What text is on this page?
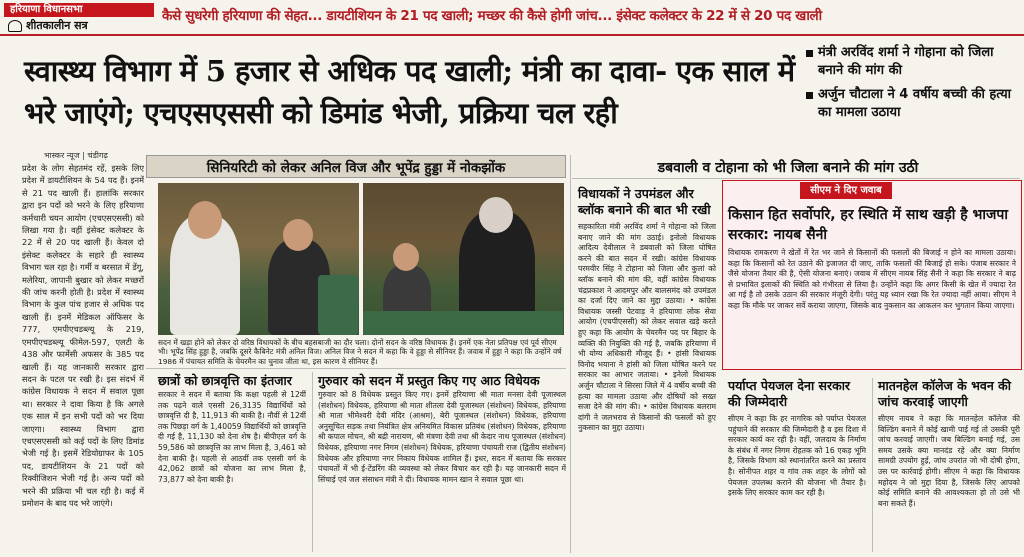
हरियाणा विधानसभा
शीतकालीन सत्र
कैसे सुधरेगी हरियाणा की सेहत... डायटीशियन के 21 पद खाली; मच्छर की कैसे होगी जांच... इंसेक्ट कलेक्टर के 22 में से 20 पद खाली
स्वास्थ्य विभाग में 5 हजार से अधिक पद खाली; मंत्री का दावा- एक साल में भरे जाएंगे; एचएसएससी को डिमांड भेजी, प्रक्रिया चल रही
मंत्री अरविंद शर्मा ने गोहाना को जिला बनाने की मांग की
अर्जुन चौटाला ने 4 वर्षीय बच्ची की हत्या का मामला उठाया
भास्कर न्यूज | चंडीगढ़
प्रदेश के लोग सेहतमंद रहें, इसके लिए प्रदेश में डायटीशियन के 54 पद हैं। इनमें से 21 पद खाली हैं। हालांकि सरकार द्वारा इन पदों को भरने के लिए हरियाणा कर्मचारी चयन आयोग (एचएसएससी) को लिखा गया है। वहीं इंसेक्ट कलेक्टर के 22 में से 20 पद खाली हैं। केवल दो इंसेक्ट कलेक्टर के सहारे ही स्वास्थ्य विभाग चल रहा है। गर्मी व बरसात में डेंगू, मलेरिया, जापानी बुखार को लेकर मच्छरों की जांच करनी होती है। प्रदेश में स्वास्थ्य विभाग के कुल पांच हजार से अधिक पद खाली हैं। इनमें मेडिकल ऑफिसर के 777, एमपीएचडब्ल्यू के 219, एमपीएचडब्ल्यू फीमेल-597, एलटी के 438 और फार्मेसी अफसर के 385 पद खाली हैं। यह जानकारी सरकार द्वारा सदन के पटल पर रखी है। इस संदर्भ में कांग्रेस विधायक ने सदन में सवाल पूछा था। सरकार ने दावा किया है कि अगले एक साल में इन सभी पदों को भर दिया जाएगा। स्वास्थ्य विभाग द्वारा एचएसएससी को कई पदों के लिए डिमांड भेजी गई है। इसमें रेडियोग्राफर के 105 पद, डायटीशियन के 21 पदों को रिक्वीजिशन भेजी गई है। अन्य पदों को भरने की प्रक्रिया भी चल रही है। कई में प्रमोशन के बाद पद भरे जाएंगे।
सिनियरिटी को लेकर अनिल विज और भूपेंद्र हुड्डा में नोकझोंक
सदन में खड़ा होने को लेकर दो वरिष्ठ विधायकों के बीच बहसबाजी का दौर चला। दोनों सदन के वरिष्ठ विधायक हैं। इनमें एक नेता प्रतिपक्ष एवं पूर्व सीएम भी। भूपेंद्र सिंह हुड्डा है, जबकि दूसरे कैबिनेट मंत्री अनिल विज। अनिल विज ने सदन में कहा कि वे हुड्डा से सीनियर हैं। जवाब में हुड्डा ने कहा कि उन्होंने वर्ष 1986 में पंचायत समिति के चेयरमैन का चुनाव जीता था, इस कारण वे सीनियर हैं।
छात्रों को छात्रवृत्ति का इंतजार
सरकार ने सदन में बताया कि कक्षा पहली से 12वीं तक पढ़ने वाले एससी 26,3135 विद्यार्थियों को छात्रवृत्ति दी है, 11,913 की बाकी है। नौवीं से 12वीं तक पिछड़ा वर्ग के 1,40059 विद्यार्थियों को छात्रवृत्ति दी गई है, 11,130 को देना शेष है। बीपीएल वर्ग के 59,586 को छात्रवृत्ति का लाभ मिला है, 3,461 को देना बाकी है। पहली से आठवीं तक एससी वर्ग के 42,062 छात्रों को योजना का लाभ मिला है, 73,877 को देना बाकी है।
गुरुवार को सदन में प्रस्तुत किए गए आठ विधेयक
गुरुवार को 8 विधेयक प्रस्तुत किए गए। इनमें हरियाणा श्री माता मनसा देवी पूजास्थल (संशोधन) विधेयक, हरियाणा श्री माता शीतला देवी पूजास्थल (संशोधन) विधेयक, हरियाणा श्री माता भीमेश्वरी देवी मंदिर (आश्रम), बेरी पूजास्थल (संशोधन) विधेयक, हरियाणा अनुसूचित सड़क तथा नियंत्रित क्षेत्र अनियमित विकास प्रतिबंध (संशोधन) विधेयक, हरियाणा श्री कपाल मोचन, श्री बद्री नारायण, श्री मंत्रणा देवी तथा श्री केदार नाथ पूजास्थल (संशोधन) विधेयक, हरियाणा नगर निगम (संशोधन) विधेयक, हरियाणा पंचायती राज (द्वितीय संशोधन) विधेयक और हरियाणा नगर निकाय विधेयक शामिल हैं। इधर, सदन में बताया कि सरकार पंचायतों में भी ई-टेंडरिंग की व्यवस्था को लेकर विचार कर रही है। यह जानकारी सदन में सिंचाई एवं जल संसाधन मंत्री ने दी। विधायक मामन खान ने सवाल पूछा था।
डबवाली व टोहाना को भी जिला बनाने की मांग उठी
विधायकों ने उपमंडल और ब्लॉक बनाने की बात भी रखी
सहकारिता मंत्री अरविंद शर्मा ने गोहाना को जिला बनाए जाने की मांग उठाई। इनोलो विधायक आदित्य देवीलाल ने डबवाली को जिला घोषित करने की बात सदन में रखी। कांग्रेस विधायक परमवीर सिंह ने टोहाना को जिला और कुलां को ब्लॉक बनाने की मांग की, वहीं कांग्रेस विधायक चंद्रप्रकाश ने आदमपुर और बालसमंद को उपमंडल का दर्जा दिए जाने का मुद्दा उठाया। • कांग्रेस विधायक जस्सी पेटवाड़ ने हरियाणा लोक सेवा आयोग (एचपीएससी) को लेकर सवाल खड़े करते हुए कहा कि आयोग के चेयरमैन पद पर बिहार के व्यक्ति की नियुक्ति की गई है, जबकि हरियाणा में भी योग्य अधिकारी मौजूद हैं। • हांसी विधायक विनोद भयाना ने हांसी को जिला घोषित करने पर सरकार का आभार जताया। • इनेलो विधायक अर्जुन चौटाला ने सिरसा जिले में 4 वर्षीय बच्ची की हत्या का मामला उठाया और दोषियों को सख्त सजा देने की मांग की। • कांग्रेस विधायक बलराम दांगी ने जलभराव से किसानों की फसलों को हुए नुकसान का मुद्दा उठाया।
सीएम ने दिए जवाब
किसान हित सर्वोपरि, हर स्थिति में साथ खड़ी है भाजपा सरकार: नायब सैनी
विधायक रामकरण ने खेतों में रेत भर जाने से किसानों की फसलों की बिजाई न होने का मामला उठाया। कहा कि किसानों को रेत उठाने की इजाजत दी जाए, ताकि फसलों की बिजाई हो सके। पंजाब सरकार ने जैसे योजना तैयार की है, ऐसी योजना बनाएं। जवाब में सीएम नायब सिंह सैनी ने कहा कि सरकार ने बाढ़ से प्रभावित इलाकों की स्थिति को गंभीरता से लिया है। उन्होंने कहा कि अगर किसी के खेत में ज्यादा रेत आ गई है तो उसके उठान की सरकार मंजूरी देगी। परंतु यह ध्यान रखा कि रेत ज्यादा नहीं आया। सीएम ने कहा कि मौके पर जाकर सर्वे कराया जाएगा, जिसके बाद नुकसान का आकलन कर भुगतान किया जाएगा।
पर्याप्त पेयजल देना सरकार की जिम्मेदारी
सीएम ने कहा कि हर नागरिक को पर्याप्त पेयजल पहुंचाने की सरकार की जिम्मेदारी है व इस दिशा में सरकार कार्य कर रही है। वहीं, जलदाय के निर्माण के संबंध में नगर निगम रोहतक को 16 एकड़ भूमि है, जिसके विभाग को स्थानांतरित करने का प्रस्ताव है। सोनीपत शहर व गांव तक शहर के लोगों को पेयजल उपलब्ध कराने की योजना भी तैयार है। इसके लिए सरकार काम कर रही है।
मातनहेल कॉलेज के भवन की जांच करवाई जाएगी
सीएम नायब ने कहा कि मातनहेल कॉलेज की बिल्डिंग बनाने में कोई खामी पाई गई तो उसकी पूरी जांच करवाई जाएगी। जब बिल्डिंग बनाई गई, उस समय उसके क्या मानदंड रहे और क्या निर्माण सामग्री उपयोग हुई, जांच उपरांत जो भी दोषी होगा, उस पर कार्रवाई होगी। सीएम ने कहा कि विधायक महोदय ने जो मुद्दा दिया है, जिसके लिए आपको कोई समिति बनाने की आवश्यकता हो तो उसे भी बना सकते हैं।
